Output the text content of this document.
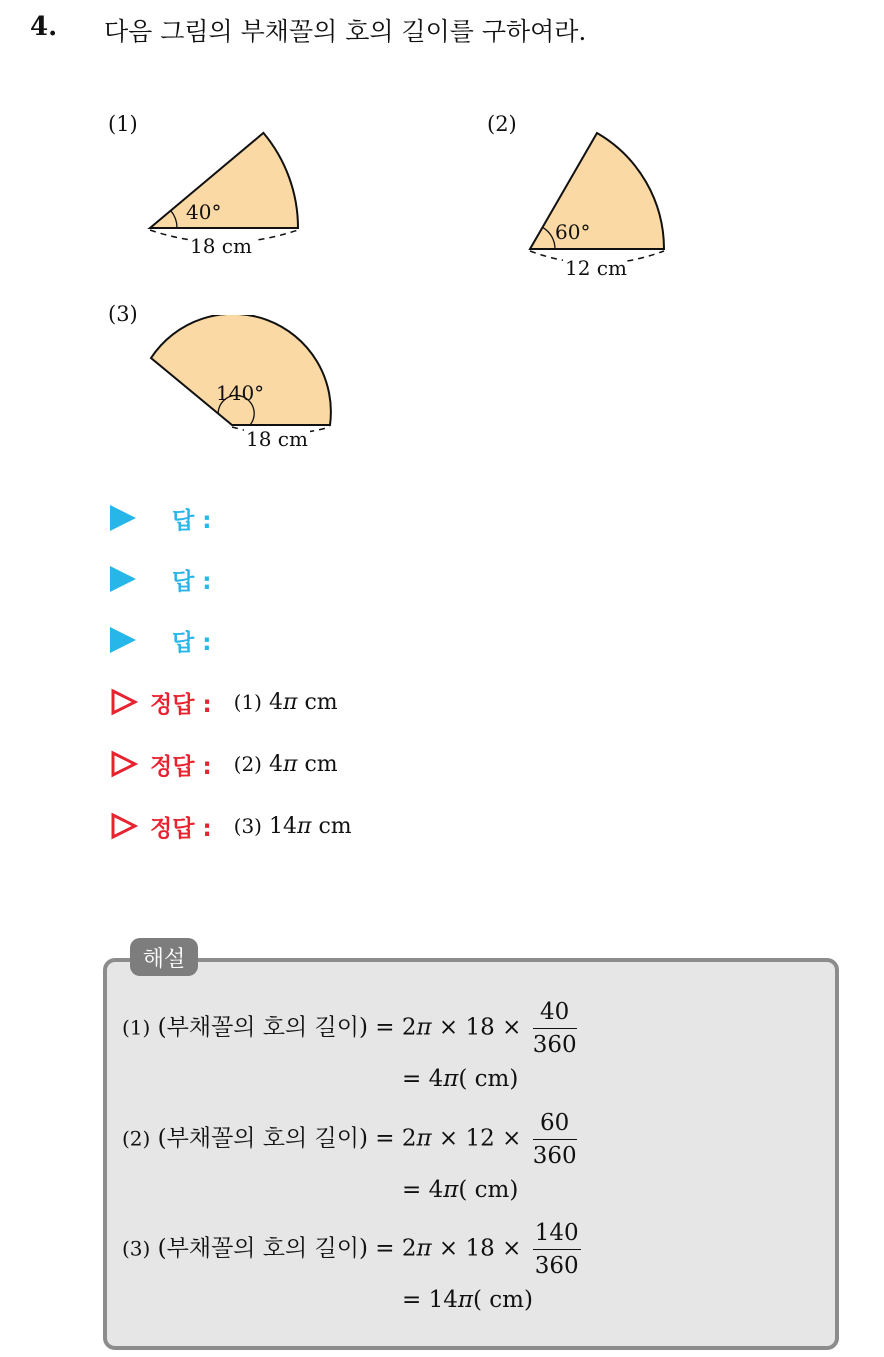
4. 다음 그림의 부채꼴의 호의 길이를 구하여라.
(1)	(2)
(3)
40°
18 cm
60°
12 cm
140°
18 cm
답 :
답 :
답 :
정답 : (1) 4π cm
정답 : (2) 4π cm
정답 : (3) 14π cm
해설
(1) (부채꼴의 호의 길이) = $2\pi \times 18 \times \frac{40}{360}$
= 4π( cm)
(2) (부채꼴의 호의 길이) = $2\pi \times 12 \times \frac{60}{360}$
= 4π( cm)
(3) (부채꼴의 호의 길이) = $2\pi \times 18 \times \frac{140}{360}$
= 14π( cm)
